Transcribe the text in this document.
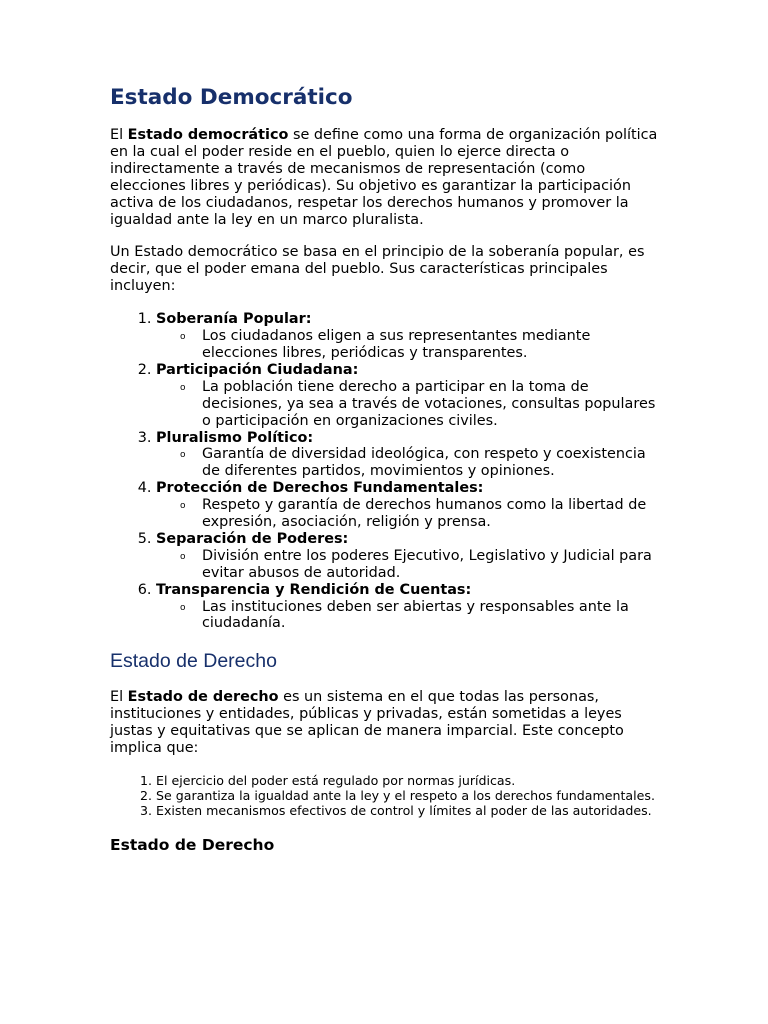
Estado Democrático

El Estado democrático se define como una forma de organización política en la cual el poder reside en el pueblo, quien lo ejerce directa o indirectamente a través de mecanismos de representación (como elecciones libres y periódicas). Su objetivo es garantizar la participación activa de los ciudadanos, respetar los derechos humanos y promover la igualdad ante la ley en un marco pluralista.

Un Estado democrático se basa en el principio de la soberanía popular, es decir, que el poder emana del pueblo. Sus características principales incluyen:

1. Soberanía Popular:
o Los ciudadanos eligen a sus representantes mediante elecciones libres, periódicas y transparentes.
2. Participación Ciudadana:
o La población tiene derecho a participar en la toma de decisiones, ya sea a través de votaciones, consultas populares o participación en organizaciones civiles.
3. Pluralismo Político:
o Garantía de diversidad ideológica, con respeto y coexistencia de diferentes partidos, movimientos y opiniones.
4. Protección de Derechos Fundamentales:
o Respeto y garantía de derechos humanos como la libertad de expresión, asociación, religión y prensa.
5. Separación de Poderes:
o División entre los poderes Ejecutivo, Legislativo y Judicial para evitar abusos de autoridad.
6. Transparencia y Rendición de Cuentas:
o Las instituciones deben ser abiertas y responsables ante la ciudadanía.
Estado de Derecho

El Estado de derecho es un sistema en el que todas las personas, instituciones y entidades, públicas y privadas, están sometidas a leyes justas y equitativas que se aplican de manera imparcial. Este concepto implica que:

1. El ejercicio del poder está regulado por normas jurídicas.
2. Se garantiza la igualdad ante la ley y el respeto a los derechos fundamentales.
3. Existen mecanismos efectivos de control y límites al poder de las autoridades.
Estado de Derecho
